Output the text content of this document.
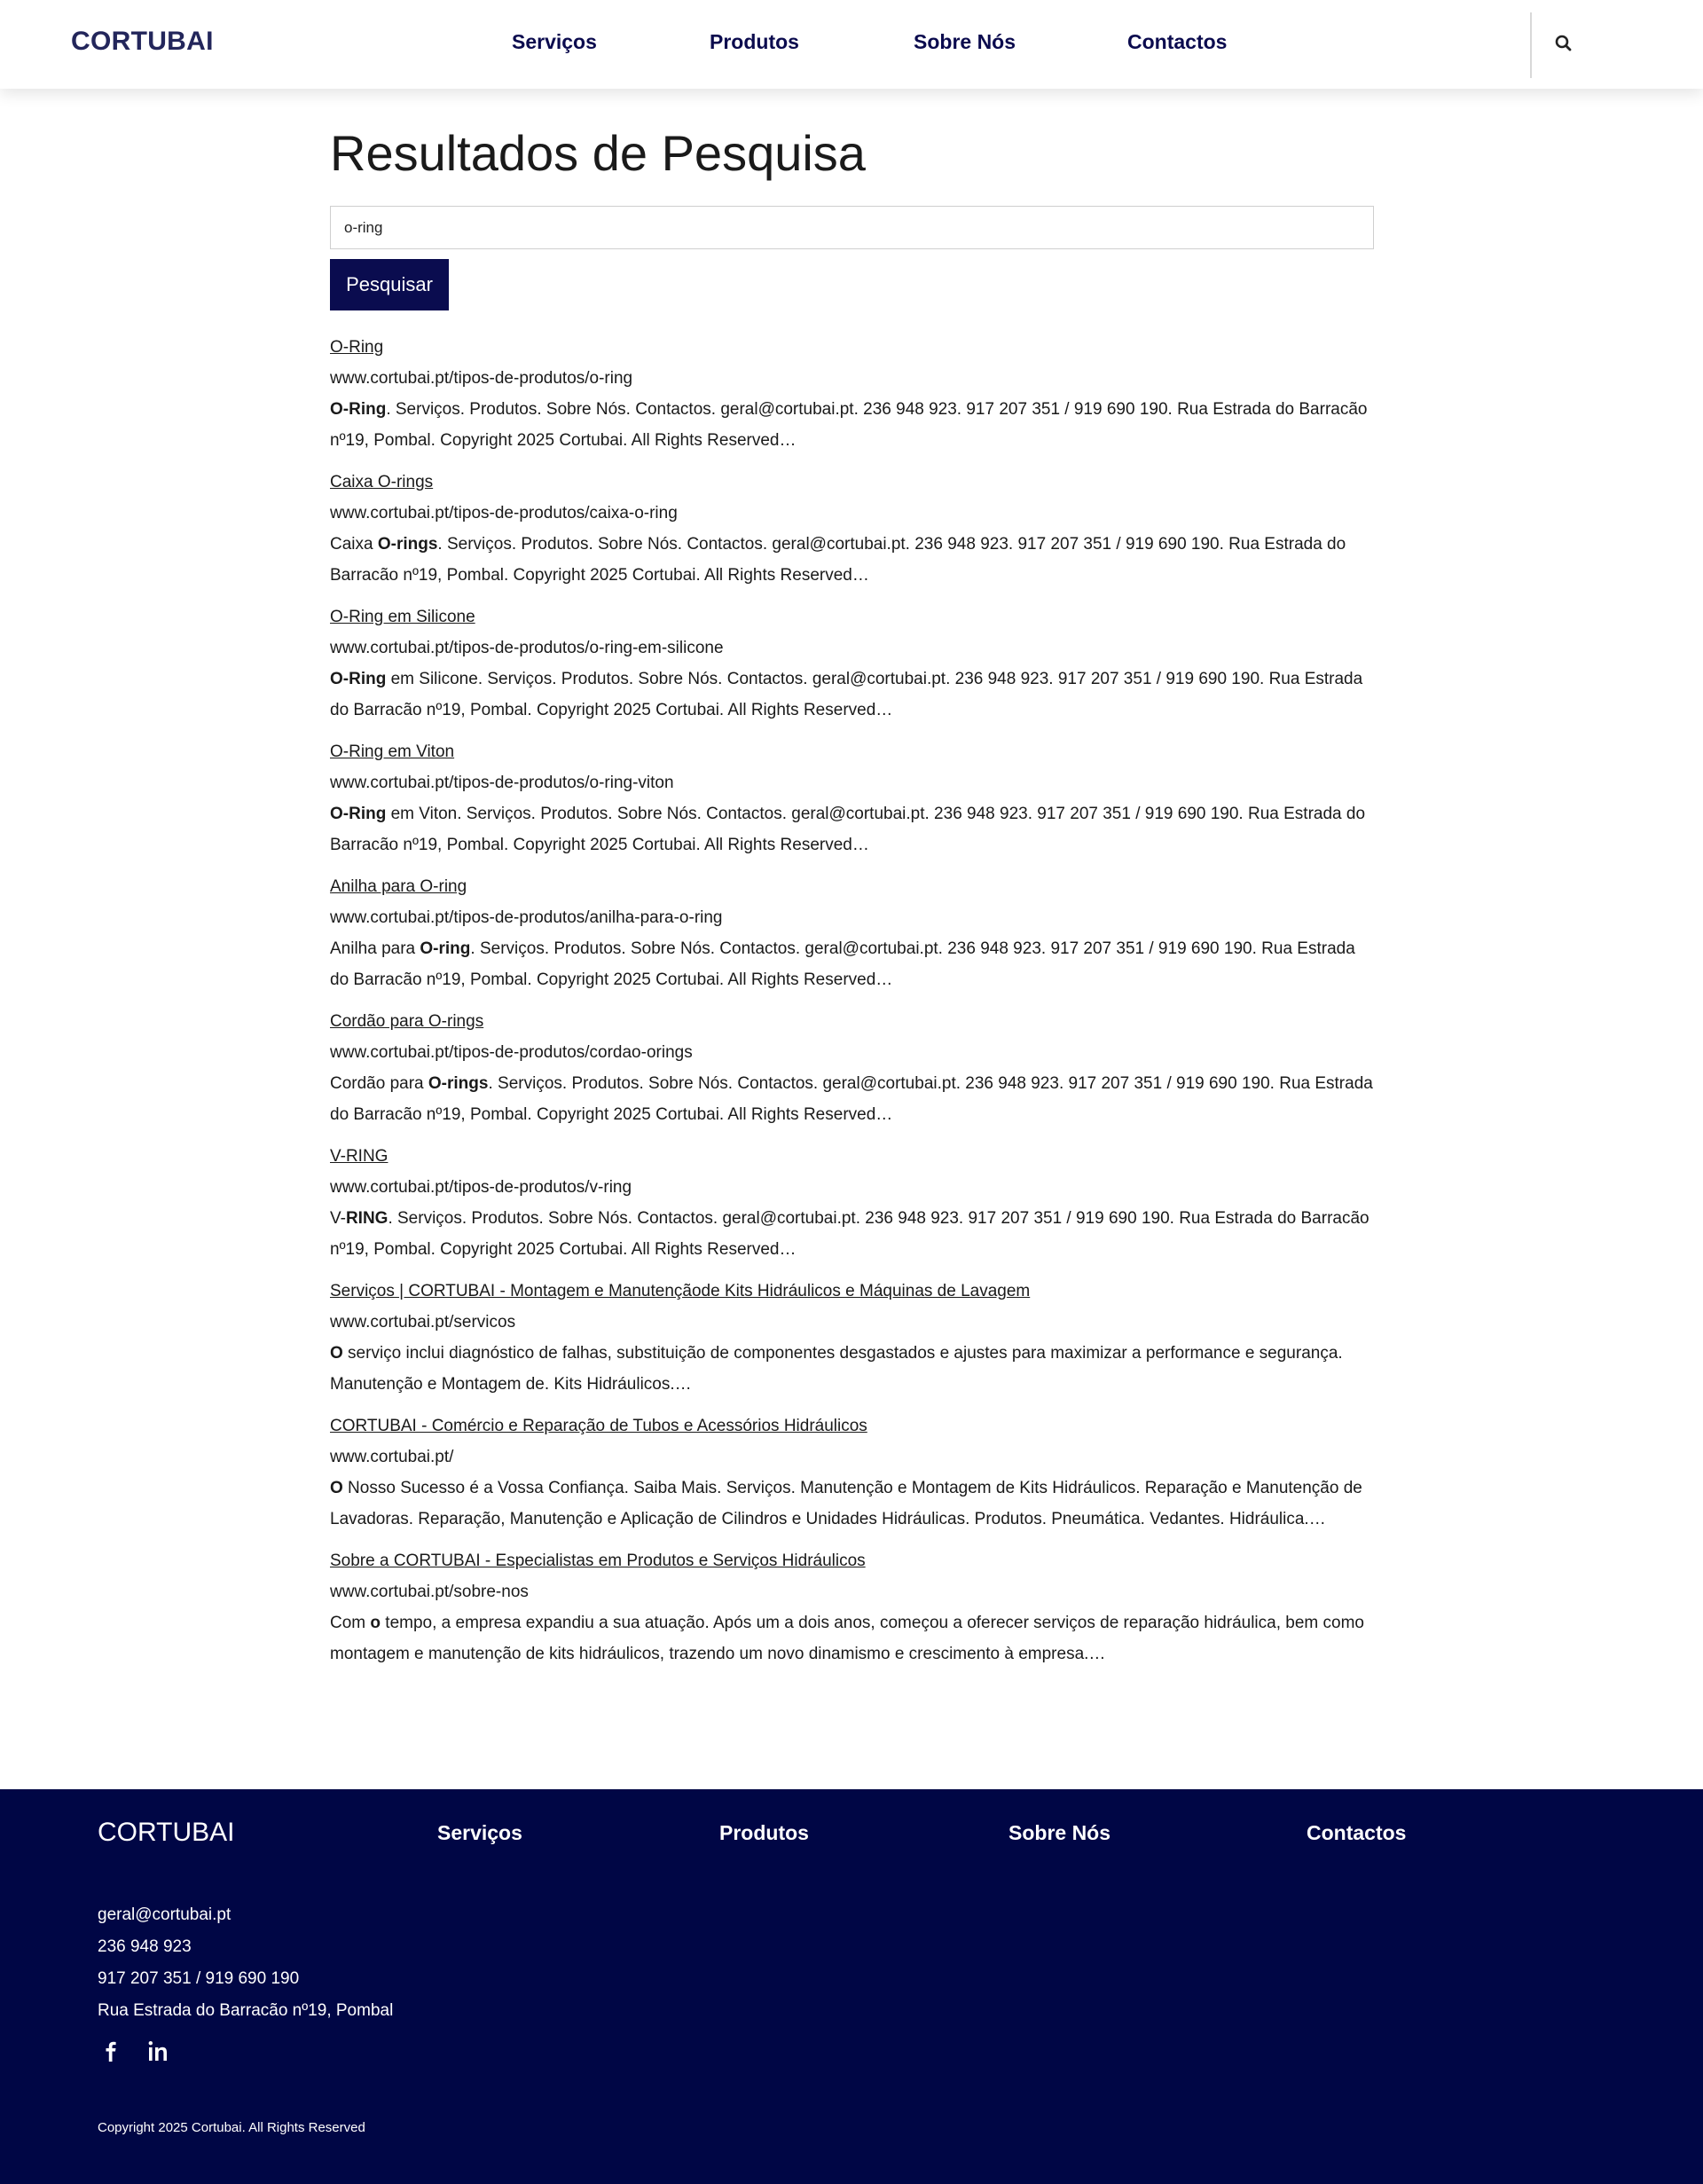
CORTUBAI	Serviços	Produtos	Sobre Nós	Contactos
Resultados de Pesquisa
o-ring
Pesquisar
O-Ring
www.cortubai.pt/tipos-de-produtos/o-ring
O-Ring. Serviços. Produtos. Sobre Nós. Contactos. geral@cortubai.pt. 236 948 923. 917 207 351 / 919 690 190. Rua Estrada do Barracão nº19, Pombal. Copyright 2025 Cortubai. All Rights Reserved…
Caixa O-rings
www.cortubai.pt/tipos-de-produtos/caixa-o-ring
Caixa O-rings. Serviços. Produtos. Sobre Nós. Contactos. geral@cortubai.pt. 236 948 923. 917 207 351 / 919 690 190. Rua Estrada do Barracão nº19, Pombal. Copyright 2025 Cortubai. All Rights Reserved…
O-Ring em Silicone
www.cortubai.pt/tipos-de-produtos/o-ring-em-silicone
O-Ring em Silicone. Serviços. Produtos. Sobre Nós. Contactos. geral@cortubai.pt. 236 948 923. 917 207 351 / 919 690 190. Rua Estrada do Barracão nº19, Pombal. Copyright 2025 Cortubai. All Rights Reserved…
O-Ring em Viton
www.cortubai.pt/tipos-de-produtos/o-ring-viton
O-Ring em Viton. Serviços. Produtos. Sobre Nós. Contactos. geral@cortubai.pt. 236 948 923. 917 207 351 / 919 690 190. Rua Estrada do Barracão nº19, Pombal. Copyright 2025 Cortubai. All Rights Reserved…
Anilha para O-ring
www.cortubai.pt/tipos-de-produtos/anilha-para-o-ring
Anilha para O-ring. Serviços. Produtos. Sobre Nós. Contactos. geral@cortubai.pt. 236 948 923. 917 207 351 / 919 690 190. Rua Estrada do Barracão nº19, Pombal. Copyright 2025 Cortubai. All Rights Reserved…
Cordão para O-rings
www.cortubai.pt/tipos-de-produtos/cordao-orings
Cordão para O-rings. Serviços. Produtos. Sobre Nós. Contactos. geral@cortubai.pt. 236 948 923. 917 207 351 / 919 690 190. Rua Estrada do Barracão nº19, Pombal. Copyright 2025 Cortubai. All Rights Reserved…
V-RING
www.cortubai.pt/tipos-de-produtos/v-ring
V-RING. Serviços. Produtos. Sobre Nós. Contactos. geral@cortubai.pt. 236 948 923. 917 207 351 / 919 690 190. Rua Estrada do Barracão nº19, Pombal. Copyright 2025 Cortubai. All Rights Reserved…
Serviços | CORTUBAI - Montagem e Manutençãode Kits Hidráulicos e Máquinas de Lavagem
www.cortubai.pt/servicos
O serviço inclui diagnóstico de falhas, substituição de componentes desgastados e ajustes para maximizar a performance e segurança. Manutenção e Montagem de. Kits Hidráulicos.…
CORTUBAI - Comércio e Reparação de Tubos e Acessórios Hidráulicos
www.cortubai.pt/
O Nosso Sucesso é a Vossa Confiança. Saiba Mais. Serviços. Manutenção e Montagem de Kits Hidráulicos. Reparação e Manutenção de Lavadoras. Reparação, Manutenção e Aplicação de Cilindros e Unidades Hidráulicas. Produtos. Pneumática. Vedantes. Hidráulica.…
Sobre a CORTUBAI - Especialistas em Produtos e Serviços Hidráulicos
www.cortubai.pt/sobre-nos
Com o tempo, a empresa expandiu a sua atuação. Após um a dois anos, começou a oferecer serviços de reparação hidráulica, bem como montagem e manutenção de kits hidráulicos, trazendo um novo dinamismo e crescimento à empresa.…
CORTUBAI	Serviços	Produtos	Sobre Nós	Contactos
geral@cortubai.pt
236 948 923
917 207 351 / 919 690 190
Rua Estrada do Barracão nº19, Pombal

Copyright 2025 Cortubai. All Rights Reserved
